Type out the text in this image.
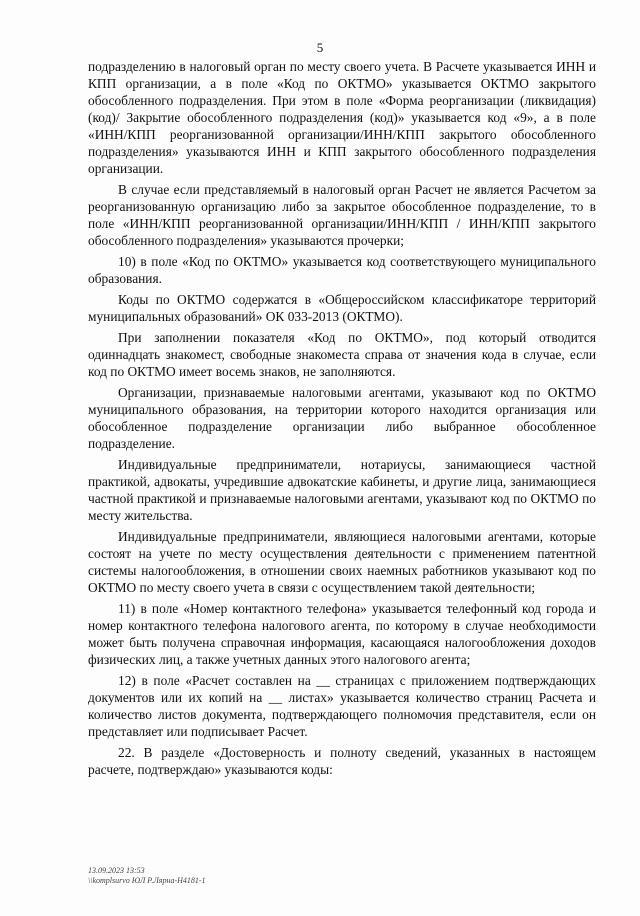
5

подразделению в налоговый орган по месту своего учета. В Расчете указывается ИНН и КПП организации, а в поле «Код по ОКТМО» указывается ОКТМО закрытого обособленного подразделения. При этом в поле «Форма реорганизации (ликвидация) (код)/ Закрытие обособленного подразделения (код)» указывается код «9», а в поле «ИНН/КПП реорганизованной организации/ИНН/КПП закрытого обособленного подразделения» указываются ИНН и КПП закрытого обособленного подразделения организации.

В случае если представляемый в налоговый орган Расчет не является Расчетом за реорганизованную организацию либо за закрытое обособленное подразделение, то в поле «ИНН/КПП реорганизованной организации/ИНН/КПП / ИНН/КПП закрытого обособленного подразделения» указываются прочерки;

10) в поле «Код по ОКТМО» указывается код соответствующего муниципального образования.

Коды по ОКТМО содержатся в «Общероссийском классификаторе территорий муниципальных образований» ОК 033-2013 (ОКТМО).

При заполнении показателя «Код по ОКТМО», под который отводится одиннадцать знакомест, свободные знакоместа справа от значения кода в случае, если код по ОКТМО имеет восемь знаков, не заполняются.

Организации, признаваемые налоговыми агентами, указывают код по ОКТМО муниципального образования, на территории которого находится организация или обособленное подразделение организации либо выбранное обособленное подразделение.

Индивидуальные предприниматели, нотариусы, занимающиеся частной практикой, адвокаты, учредившие адвокатские кабинеты, и другие лица, занимающиеся частной практикой и признаваемые налоговыми агентами, указывают код по ОКТМО по месту жительства.

Индивидуальные предприниматели, являющиеся налоговыми агентами, которые состоят на учете по месту осуществления деятельности с применением патентной системы налогообложения, в отношении своих наемных работников указывают код по ОКТМО по месту своего учета в связи с осуществлением такой деятельности;

11) в поле «Номер контактного телефона» указывается телефонный код города и номер контактного телефона налогового агента, по которому в случае необходимости может быть получена справочная информация, касающаяся налогообложения доходов физических лиц, а также учетных данных этого налогового агента;

12) в поле «Расчет составлен на __ страницах с приложением подтверждающих документов или их копий на __ листах» указывается количество страниц Расчета и количество листов документа, подтверждающего полномочия представителя, если он представляет или подписывает Расчет.

22. В разделе «Достоверность и полноту сведений, указанных в настоящем расчете, подтверждаю» указываются коды:

13.09.2023 13:53
\\komplsurvo ЮЛ Р.Лярна-Н4181-1
